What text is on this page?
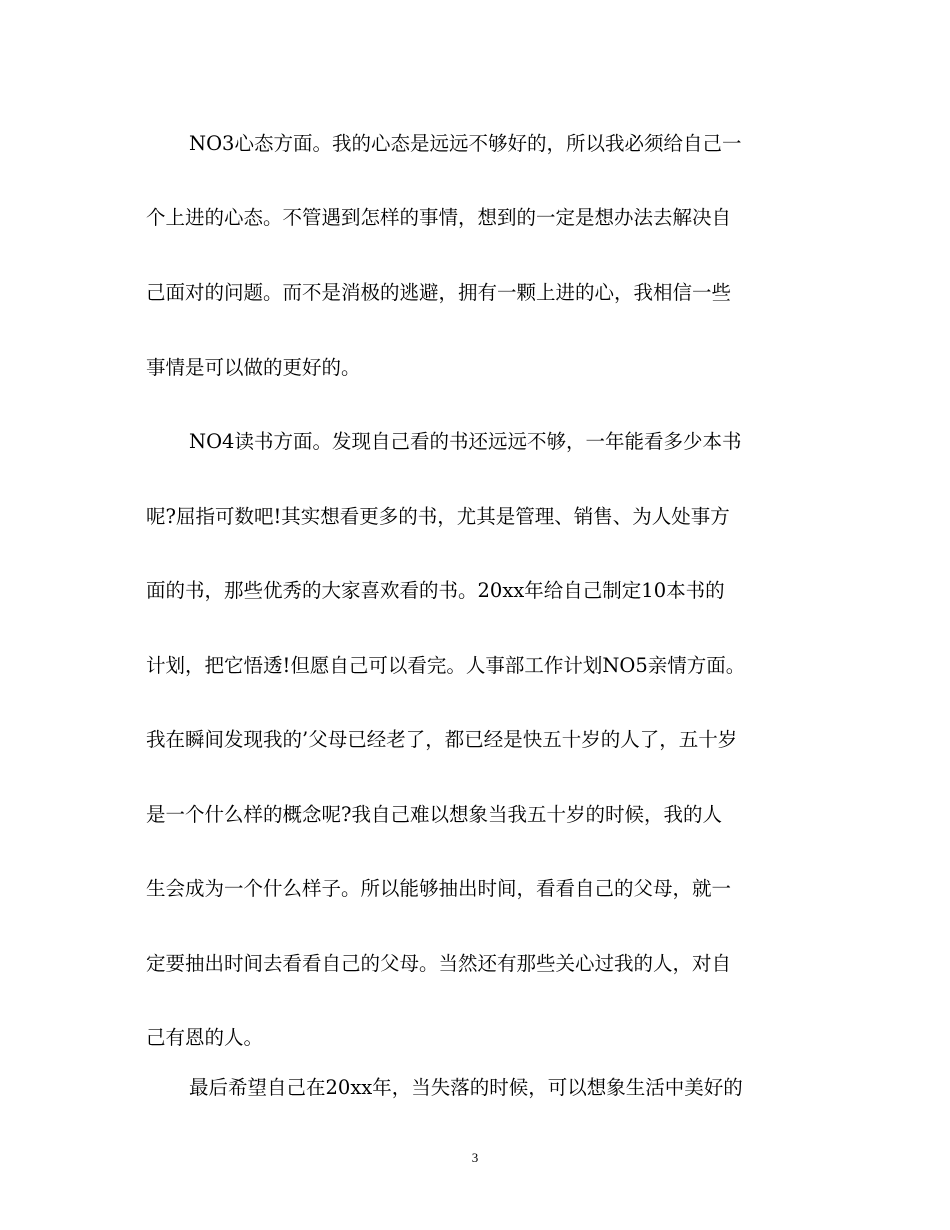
NO3心态方面。我的心态是远远不够好的，所以我必须给自己一

个上进的心态。不管遇到怎样的事情，想到的一定是想办法去解决自

己面对的问题。而不是消极的逃避，拥有一颗上进的心，我相信一些

事情是可以做的更好的。

NO4读书方面。发现自己看的书还远远不够，一年能看多少本书

呢?屈指可数吧!其实想看更多的书，尤其是管理、销售、为人处事方

面的书，那些优秀的大家喜欢看的书。20xx年给自己制定10本书的

计划，把它悟透!但愿自己可以看完。人事部工作计划NO5亲情方面。

我在瞬间发现我的’父母已经老了，都已经是快五十岁的人了，五十岁

是一个什么样的概念呢?我自己难以想象当我五十岁的时候，我的人

生会成为一个什么样子。所以能够抽出时间，看看自己的父母，就一

定要抽出时间去看看自己的父母。当然还有那些关心过我的人，对自

己有恩的人。

最后希望自己在20xx年，当失落的时候，可以想象生活中美好的

3
